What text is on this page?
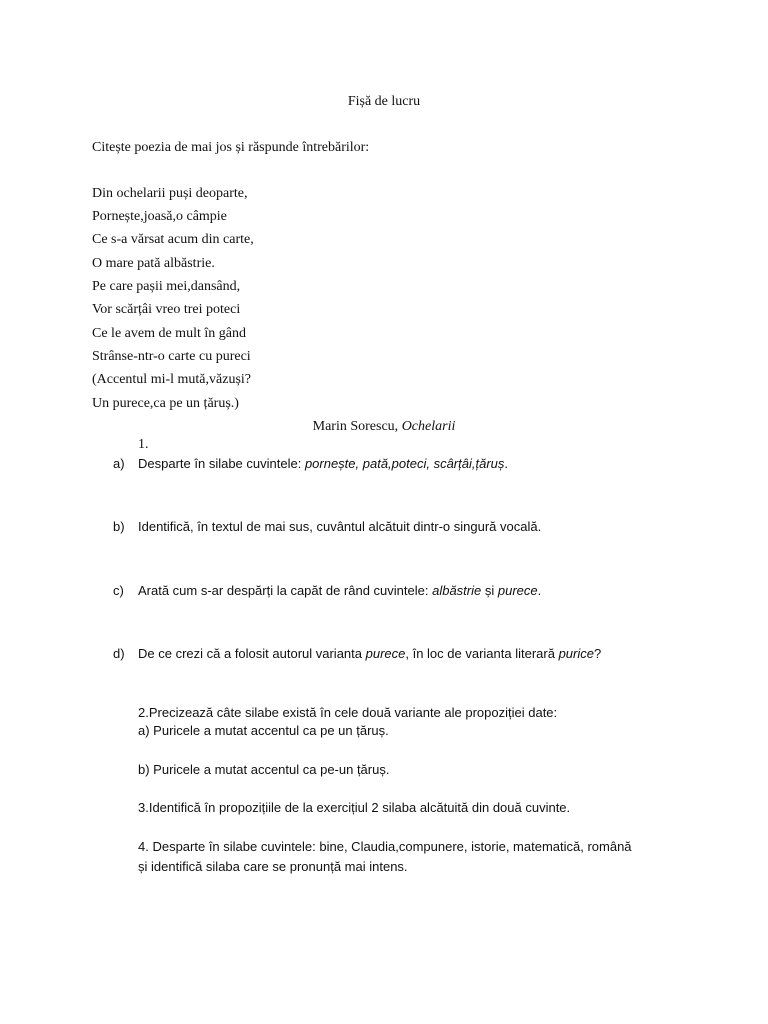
Fișă de lucru
Citește poezia de mai jos și răspunde întrebărilor:
Din ochelarii puși deoparte,
Pornește,joasă,o câmpie
Ce s-a vărsat acum din carte,
O mare pată albăstrie.
Pe care pașii mei,dansând,
Vor scărțâi vreo trei poteci
Ce le avem de mult în gând
Strânse-ntr-o carte cu pureci
(Accentul mi-l mută,văzuși?
Un purece,ca pe un țăruș.)
Marin Sorescu, Ochelarii
1.
a) Desparte în silabe cuvintele: pornește, pată,poteci, scârțâi,țăruș.
b) Identifică, în textul de mai sus, cuvântul alcătuit dintr-o singură vocală.
c) Arată cum s-ar despărți la capăt de rând cuvintele: albăstrie și purece.
d) De ce crezi că a folosit autorul varianta purece, în loc de varianta literară purice?
2.Precizează câte silabe există în cele două variante ale propoziției date:
a) Puricele a mutat accentul ca pe un țăruș.
b) Puricele a mutat accentul ca pe-un țăruș.
3.Identifică în propozițiile de la exercițiul 2 silaba alcătuită din două cuvinte.
4. Desparte în silabe cuvintele: bine, Claudia,compunere, istorie, matematică, română
și identifică silaba care se pronunță mai intens.
